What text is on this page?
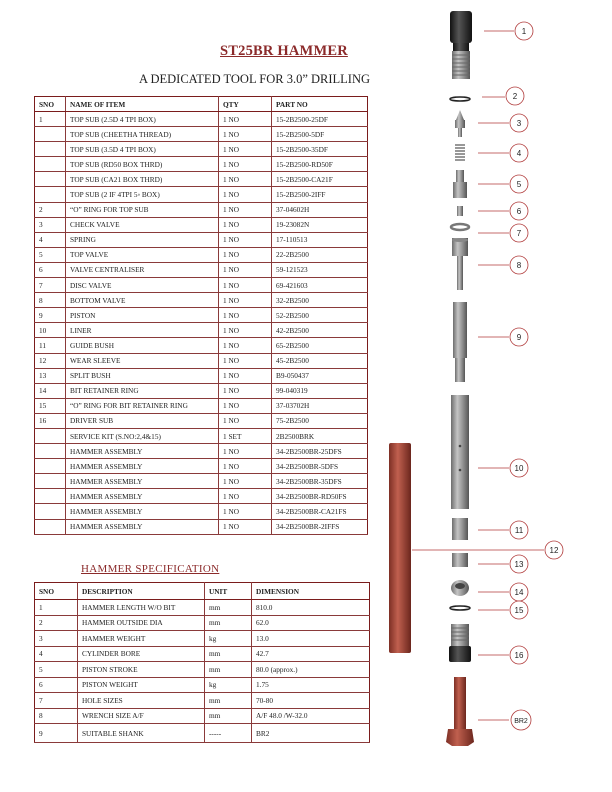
ST25BR HAMMER
A DEDICATED TOOL FOR 3.0” DRILLING
SNO	NAME OF ITEM	QTY	PART NO
1	TOP SUB (2.5D 4 TPI BOX)	1 NO	15-2B2500-25DF
	TOP SUB (CHEETHA THREAD)	1 NO	15-2B2500-5DF
	TOP SUB (3.5D 4 TPI BOX)	1 NO	15-2B2500-35DF
	TOP SUB (RD50 BOX THRD)	1 NO	15-2B2500-RD50F
	TOP SUB (CA21 BOX THRD)	1 NO	15-2B2500-CA21F
	TOP SUB (2 IF 4TPI 5◦ BOX)	1 NO	15-2B2500-2IFF
2	“O” RING FOR TOP SUB	1 NO	37-04602H
3	CHECK VALVE	1 NO	19-23082N
4	SPRING	1 NO	17-110513
5	TOP VALVE	1 NO	22-2B2500
6	VALVE CENTRALISER	1 NO	59-121523
7	DISC VALVE	1 NO	69-421603
8	BOTTOM VALVE	1 NO	32-2B2500
9	PISTON	1 NO	52-2B2500
10	LINER	1 NO	42-2B2500
11	GUIDE BUSH	1 NO	65-2B2500
12	WEAR SLEEVE	1 NO	45-2B2500
13	SPLIT BUSH	1 NO	B9-050437
14	BIT RETAINER RING	1 NO	99-040319
15	“O” RING FOR BIT RETAINER RING	1 NO	37-03702H
16	DRIVER SUB	1 NO	75-2B2500
	SERVICE KIT (S.NO:2,4&15)	1 SET	2B2500BRK
	HAMMER ASSEMBLY	1 NO	34-2B2500BR-25DFS
	HAMMER ASSEMBLY	1 NO	34-2B2500BR-5DFS
	HAMMER ASSEMBLY	1 NO	34-2B2500BR-35DFS
	HAMMER ASSEMBLY	1 NO	34-2B2500BR-RD50FS
	HAMMER ASSEMBLY	1 NO	34-2B2500BR-CA21FS
	HAMMER ASSEMBLY	1 NO	34-2B2500BR-2IFFS
HAMMER SPECIFICATION
SNO	DESCRIPTION	UNIT	DIMENSION
1	HAMMER LENGTH W/O BIT	mm	810.0
2	HAMMER OUTSIDE DIA	mm	62.0
3	HAMMER WEIGHT	kg	13.0
4	CYLINDER BORE	mm	42.7
5	PISTON STROKE	mm	80.0 (approx.)
6	PISTON WEIGHT	kg	1.75
7	HOLE SIZES	mm	70-80
8	WRENCH SIZE A/F	mm	A/F 48.0 /W-32.0
9	SUITABLE SHANK	-----	BR2
1
2
3
4
5
6
7
8
9
10
11
12
13
14
15
16
BR2
